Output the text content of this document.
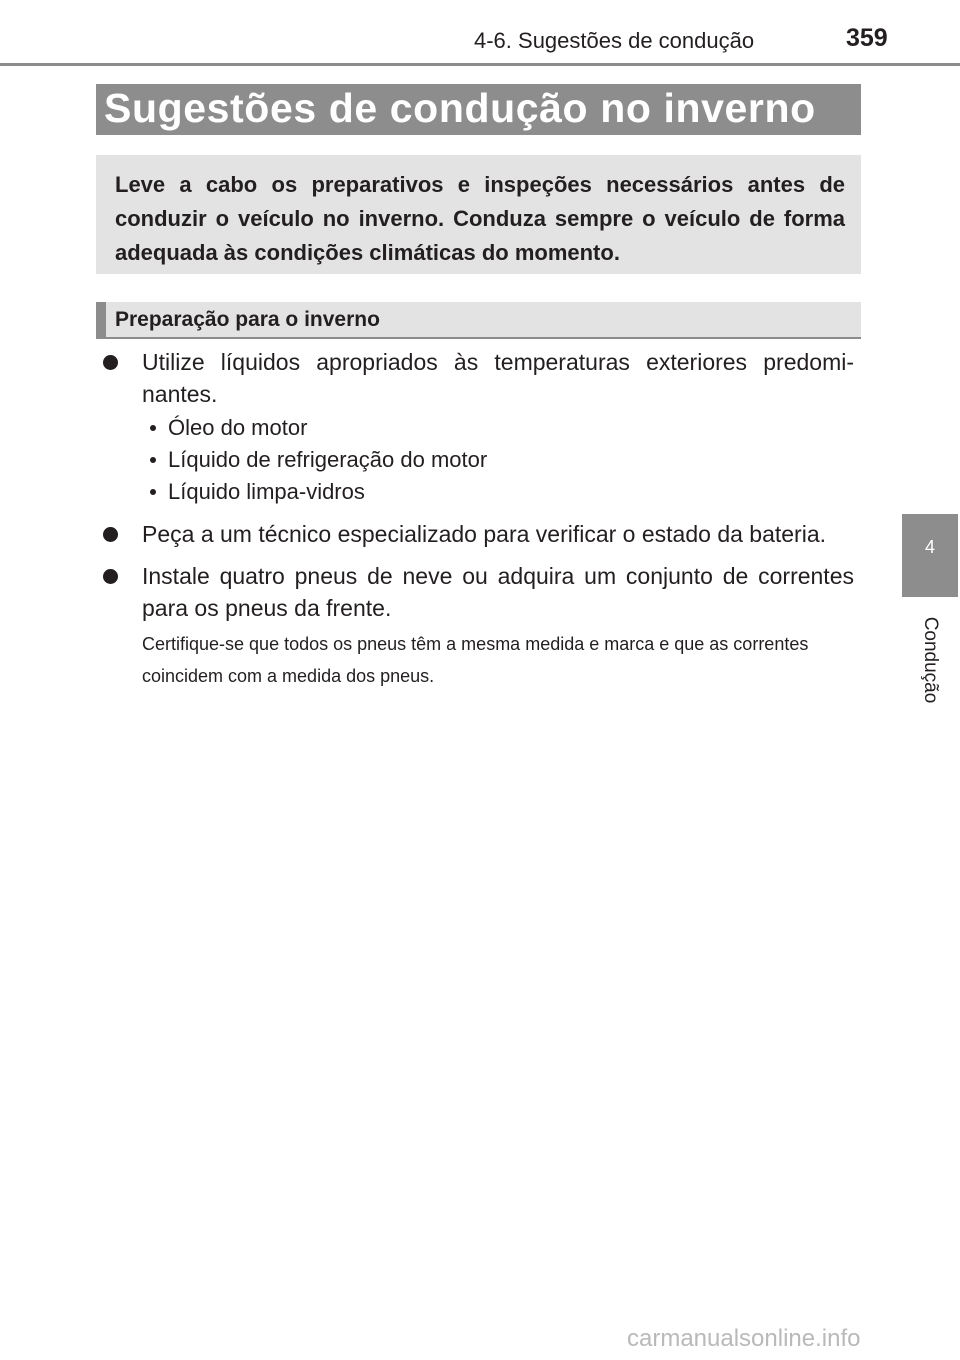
4-6. Sugestões de condução	359
Sugestões de condução no inverno
Leve a cabo os preparativos e inspeções necessários antes de conduzir o veículo no inverno. Conduza sempre o veículo de forma adequada às condições climáticas do momento.
Preparação para o inverno
Utilize líquidos apropriados às temperaturas exteriores predomi-nantes.
Óleo do motor
Líquido de refrigeração do motor
Líquido limpa-vidros
Peça a um técnico especializado para verificar o estado da bateria.
Instale quatro pneus de neve ou adquira um conjunto de correntes para os pneus da frente.
Certifique-se que todos os pneus têm a mesma medida e marca e que as correntes coincidem com a medida dos pneus.
4
Condução
carmanualsonline.info
